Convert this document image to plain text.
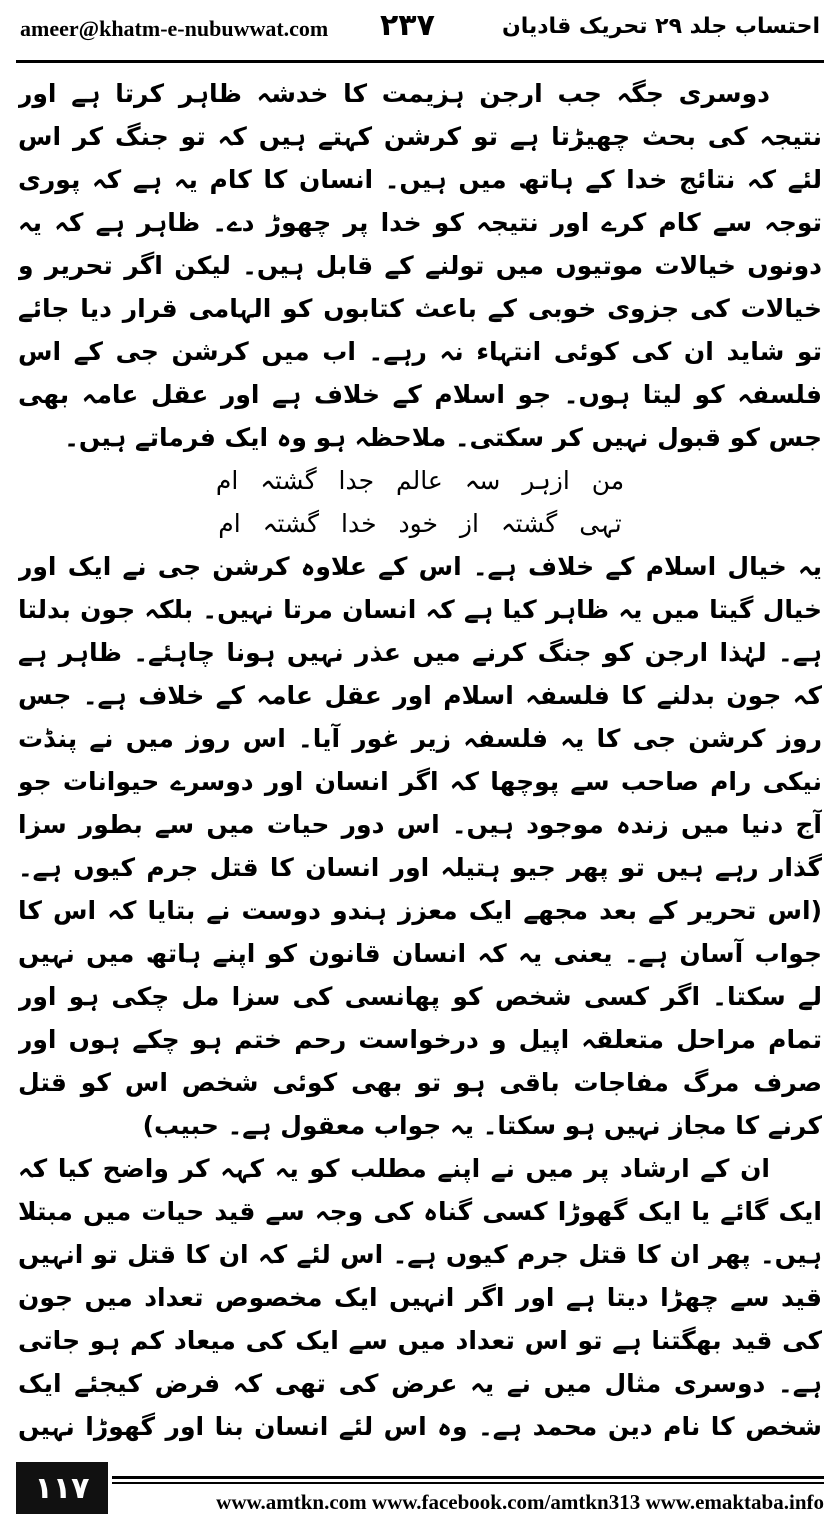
ameer@khatm-e-nubuwwat.com ۲۳۷	احتساب جلد ۲۹ تحریک قادیان

دوسری جگہ جب ارجن ہزیمت کا خدشہ ظاہر کرتا ہے اور نتیجہ کی بحث چھیڑتا ہے تو کرشن کہتے ہیں کہ تو جنگ کر اس لئے کہ نتائج خدا کے ہاتھ میں ہیں۔ انسان کا کام یہ ہے کہ پوری توجہ سے کام کرے اور نتیجہ کو خدا پر چھوڑ دے۔ ظاہر ہے کہ یہ دونوں خیالات موتیوں میں تولنے کے قابل ہیں۔ لیکن اگر تحریر و خیالات کی جزوی خوبی کے باعث کتابوں کو الہامی قرار دیا جائے تو شاید ان کی کوئی انتہاء نہ رہے۔ اب میں کرشن جی کے اس فلسفہ کو لیتا ہوں۔ جو اسلام کے خلاف ہے اور عقل عامہ بھی جس کو قبول نہیں کر سکتی۔ ملاحظہ ہو وہ ایک فرماتے ہیں۔

من ازہر سہ عالم جدا گشتہ ام

تہی گشتہ از خود خدا گشتہ ام

یہ خیال اسلام کے خلاف ہے۔ اس کے علاوہ کرشن جی نے ایک اور خیال گیتا میں یہ ظاہر کیا ہے کہ انسان مرتا نہیں۔ بلکہ جون بدلتا ہے۔ لہٰذا ارجن کو جنگ کرنے میں عذر نہیں ہونا چاہئے۔ ظاہر ہے کہ جون بدلنے کا فلسفہ اسلام اور عقل عامہ کے خلاف ہے۔ جس روز کرشن جی کا یہ فلسفہ زیر غور آیا۔ اس روز میں نے پنڈت نیکی رام صاحب سے پوچھا کہ اگر انسان اور دوسرے حیوانات جو آج دنیا میں زندہ موجود ہیں۔ اس دور حیات میں سے بطور سزا گذار رہے ہیں تو پھر جیو ہتیلہ اور انسان کا قتل جرم کیوں ہے۔ (اس تحریر کے بعد مجھے ایک معزز ہندو دوست نے بتایا کہ اس کا جواب آسان ہے۔ یعنی یہ کہ انسان قانون کو اپنے ہاتھ میں نہیں لے سکتا۔ اگر کسی شخص کو پھانسی کی سزا مل چکی ہو اور تمام مراحل متعلقہ اپیل و درخواست رحم ختم ہو چکے ہوں اور صرف مرگ مفاجات باقی ہو تو بھی کوئی شخص اس کو قتل کرنے کا مجاز نہیں ہو سکتا۔ یہ جواب معقول ہے۔ حبیب)

ان کے ارشاد پر میں نے اپنے مطلب کو یہ کہہ کر واضح کیا کہ ایک گائے یا ایک گھوڑا کسی گناہ کی وجہ سے قید حیات میں مبتلا ہیں۔ پھر ان کا قتل جرم کیوں ہے۔ اس لئے کہ ان کا قتل تو انہیں قید سے چھڑا دیتا ہے اور اگر انہیں ایک مخصوص تعداد میں جون کی قید بھگتنا ہے تو اس تعداد میں سے ایک کی میعاد کم ہو جاتی ہے۔ دوسری مثال میں نے یہ عرض کی تھی کہ فرض کیجئے ایک شخص کا نام دین محمد ہے۔ وہ اس لئے انسان بنا اور گھوڑا نہیں

۱۱۷	www.amtkn.com www.facebook.com/amtkn313 www.emaktaba.info
